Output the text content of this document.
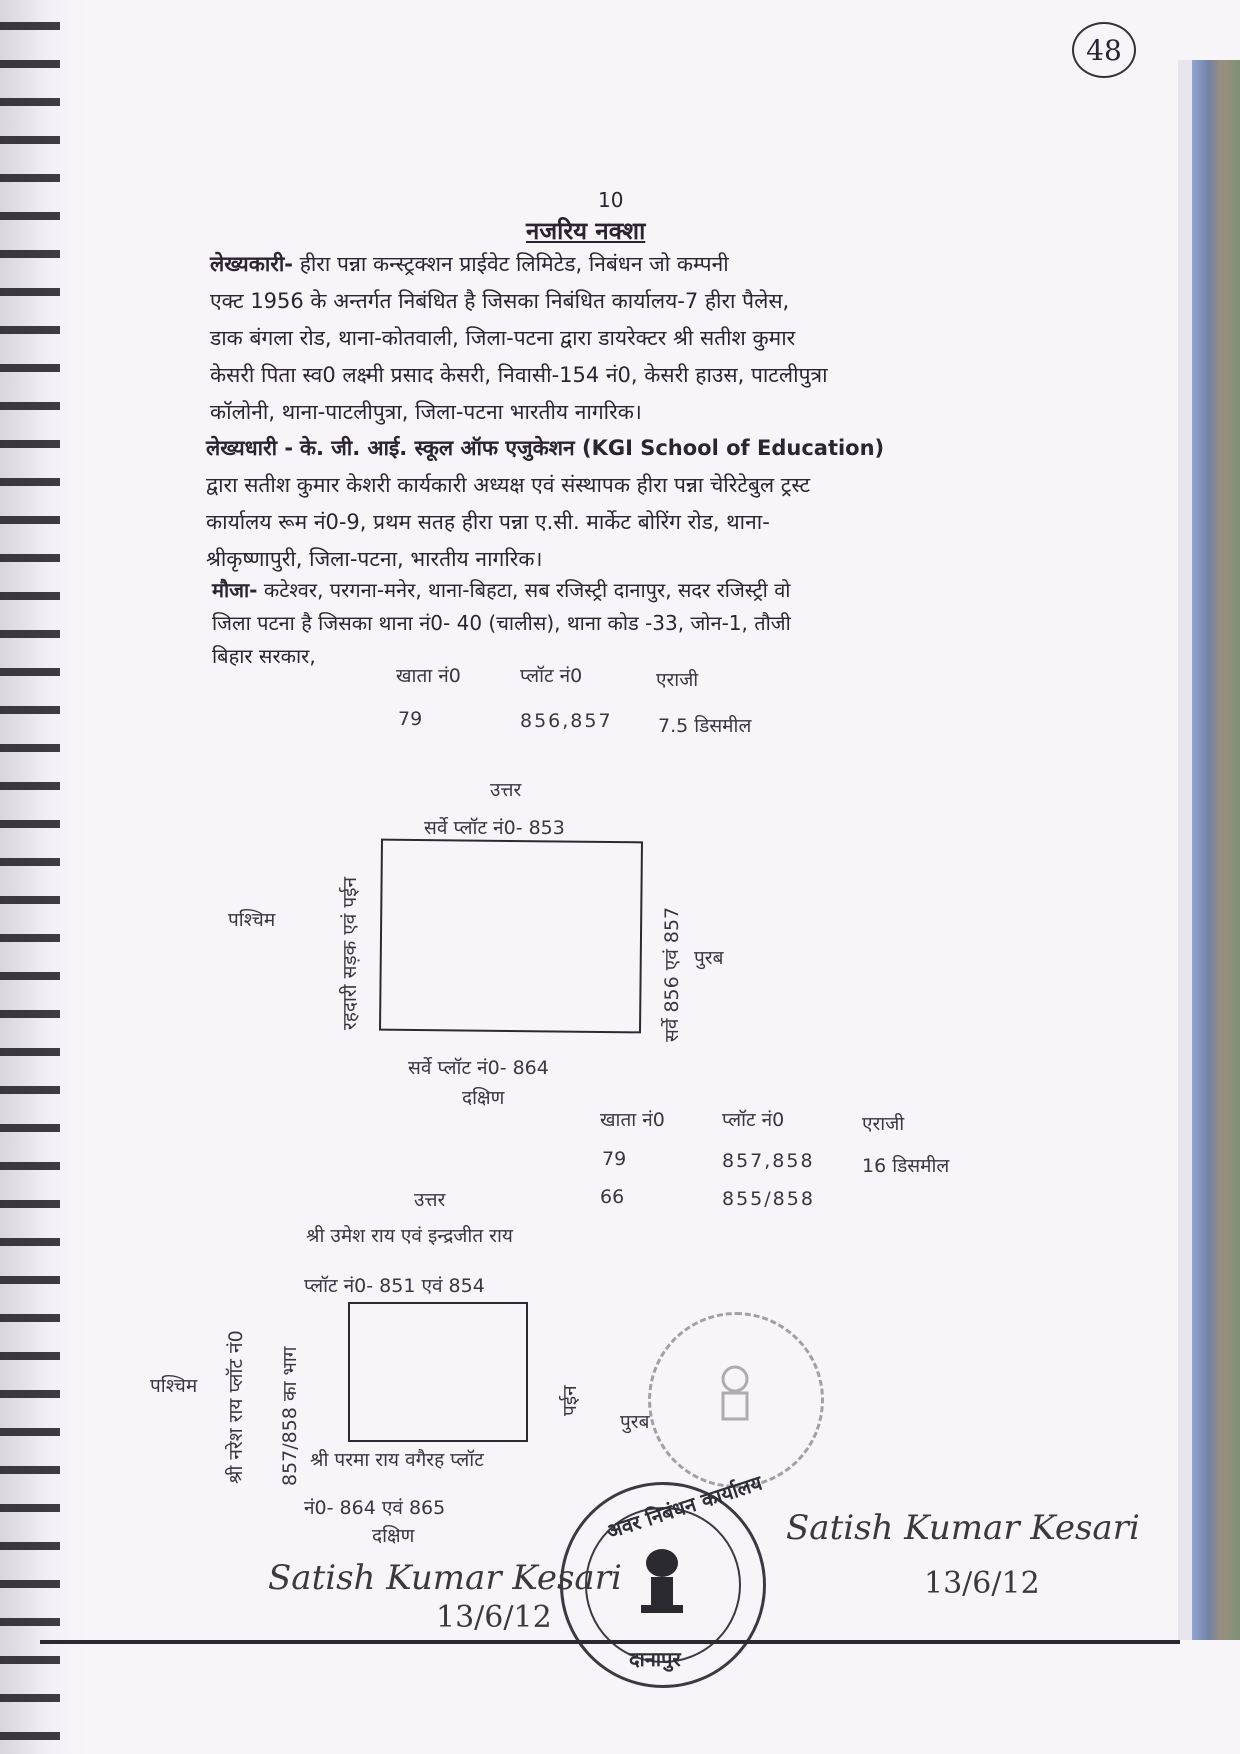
48
10
नजरिय नक्शा
लेख्यकारी- हीरा पन्ना कन्स्ट्रक्शन प्राईवेट लिमिटेड, निबंधन जो कम्पनी
एक्ट 1956 के अन्तर्गत निबंधित है जिसका निबंधित कार्यालय-7 हीरा पैलेस,
डाक बंगला रोड, थाना-कोतवाली, जिला-पटना द्वारा डायरेक्टर श्री सतीश कुमार
केसरी पिता स्व0 लक्ष्मी प्रसाद केसरी, निवासी-154 नं0, केसरी हाउस, पाटलीपुत्रा
कॉलोनी, थाना-पाटलीपुत्रा, जिला-पटना भारतीय नागरिक।
लेख्यधारी - के. जी. आई. स्कूल ऑफ एजुकेशन (KGI School of Education)
द्वारा सतीश कुमार केशरी कार्यकारी अध्यक्ष एवं संस्थापक हीरा पन्ना चेरिटेबुल ट्रस्ट
कार्यालय रूम नं0-9, प्रथम सतह हीरा पन्ना ए.सी. मार्केट बोरिंग रोड, थाना-
श्रीकृष्णापुरी, जिला-पटना, भारतीय नागरिक।
मौजा- कटेश्वर, परगना-मनेर, थाना-बिहटा, सब रजिस्ट्री दानापुर, सदर रजिस्ट्री वो
जिला पटना है जिसका थाना नं0- 40 (चालीस), थाना कोड -33, जोन-1, तौजी
बिहार सरकार,
खाता नं0	प्लॉट नं0	एराजी
79	856,857 7.5 डिसमील
उत्तर
सर्वे प्लॉट नं0- 853
पश्चिम	रहदारी सड़क एवं पईन	सर्वे 856 एवं 857 पुरब
सर्वे प्लॉट नं0- 864
दक्षिण
खाता नं0	प्लॉट नं0	एराजी
79	857,858 16 डिसमील
66	855/858
उत्तर
श्री उमेश राय एवं इन्द्रजीत राय
प्लॉट नं0- 851 एवं 854
पश्चिम श्री नरेश राय प्लॉट नं0 857/858 का भाग	पईन
पुरब
श्री परमा राय वगैरह प्लॉट
नं0- 864 एवं 865
दक्षिण	अवर निबंधन कार्यालय
दानापुर
Satish Kumar Kesari
13/6/12
Satish Kumar Kesari
13/6/12
